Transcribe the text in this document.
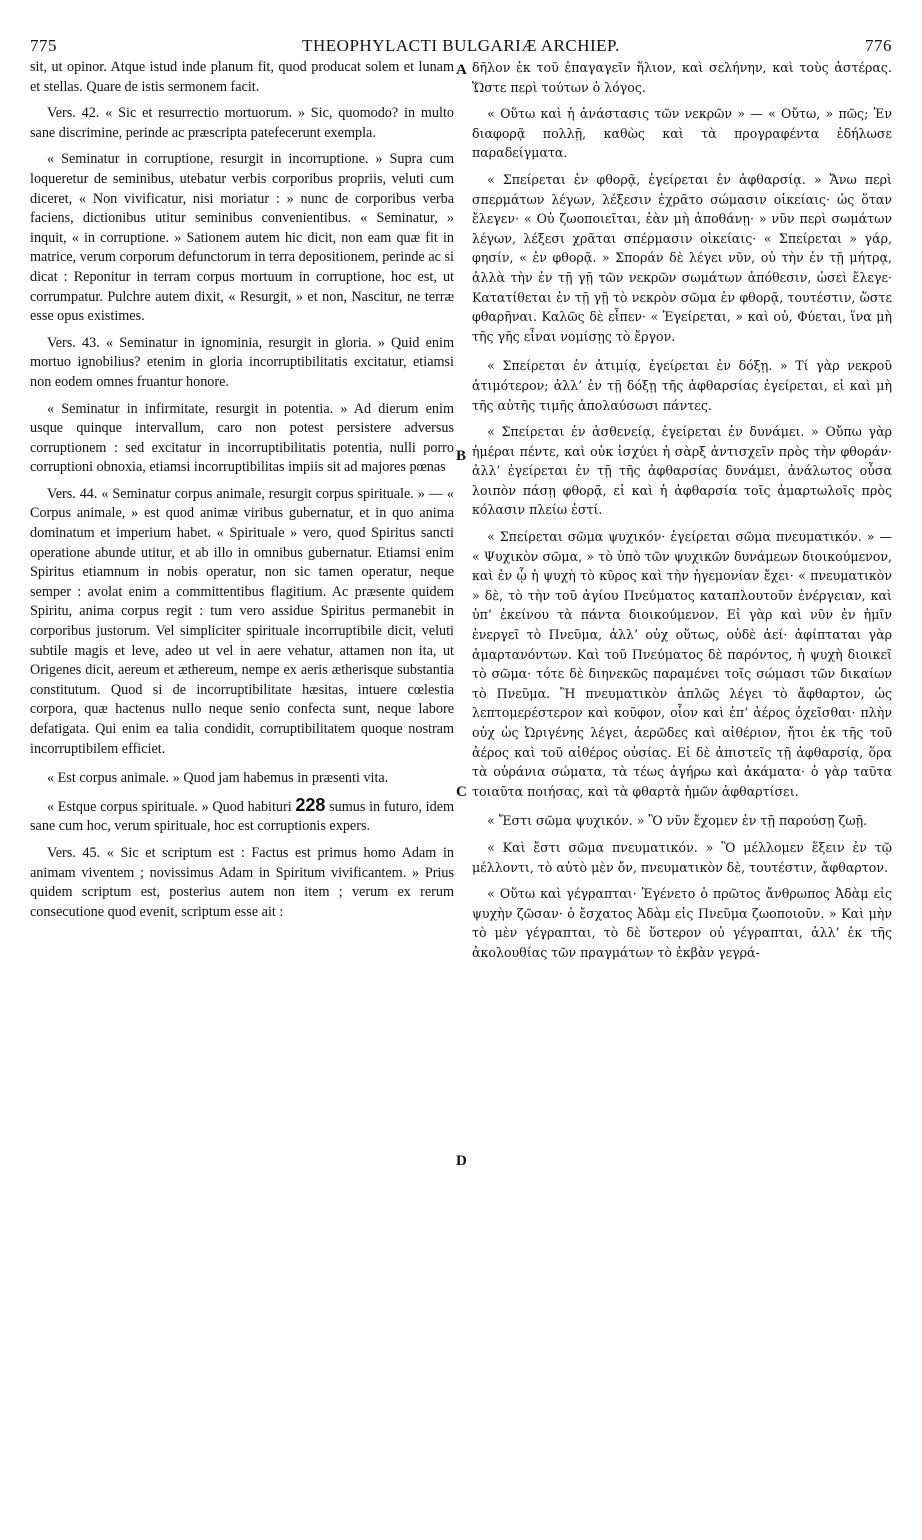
775	THEOPHYLACTI BULGARIÆ ARCHIEP.	776
A
B
C
D

sit, ut opinor. Atque istud inde planum fit, quod producat solem et lunam et stellas. Quare de istis sermonem facit.

Vers. 42. « Sic et resurrectio mortuorum. » Sic, quomodo? in multo sane discrimine, perinde ac præscripta patefecerunt exempla.

« Seminatur in corruptione, resurgit in incorruptione. » Supra cum loqueretur de seminibus, utebatur verbis corporibus propriis, veluti cum diceret, « Non vivificatur, nisi moriatur : » nunc de corporibus verba faciens, dictionibus utitur seminibus convenientibus. « Seminatur, » inquit, « in corruptione. » Sationem autem hic dicit, non eam quæ fit in matrice, verum corporum defunctorum in terra depositionem, perinde ac si dicat : Reponitur in terram corpus mortuum in corruptione, hoc est, ut corrumpatur. Pulchre autem dixit, « Resurgit, » et non, Nascitur, ne terræ esse opus existimes.

Vers. 43. « Seminatur in ignominia, resurgit in gloria. » Quid enim mortuo ignobilius? etenim in gloria incorruptibilitatis excitatur, etiamsi non eodem omnes fruantur honore.

« Seminatur in infirmitate, resurgit in potentia. » Ad dierum enim usque quinque intervallum, caro non potest persistere adversus corruptionem : sed excitatur in incorruptibilitatis potentia, nulli porro corruptioni obnoxia, etiamsi incorruptibilitas impiis sit ad majores pœnas

Vers. 44. « Seminatur corpus animale, resurgit corpus spirituale. » — « Corpus animale, » est quod animæ viribus gubernatur, et in quo anima dominatum et imperium habet. « Spirituale » vero, quod Spiritus sancti operatione abunde utitur, et ab illo in omnibus gubernatur. Etiamsi enim Spiritus etiamnum in nobis operatur, non sic tamen operatur, neque semper : avolat enim a committentibus flagitium. Ac præsente quidem Spiritu, anima corpus regit : tum vero assidue Spiritus permanebit in corporibus justorum. Vel simpliciter spirituale incorruptibile dicit, veluti subtile magis et leve, adeo ut vel in aere vehatur, attamen non ita, ut Origenes dicit, aereum et æthereum, nempe ex aeris ætherisque substantia constitutum. Quod si de incorruptibilitate hæsitas, intuere cœlestia corpora, quæ hactenus nullo neque senio confecta sunt, neque labore defatigata. Qui enim ea talia condidit, corruptibilitatem quoque nostram incorruptibilem efficiet.

« Est corpus animale. » Quod jam habemus in præsenti vita.

« Estque corpus spirituale. » Quod habituri 228 sumus in futuro, idem sane cum hoc, verum spirituale, hoc est corruptionis expers.

Vers. 45. « Sic et scriptum est : Factus est primus homo Adam in animam viventem ; novissimus Adam in Spiritum vivificantem. » Prius quidem scriptum est, posterius autem non item ; verum ex rerum consecutione quod evenit, scriptum esse ait :

δῆλον ἐκ τοῦ ἐπαγαγεῖν ἥλιον, καὶ σελήνην, καὶ τοὺς ἀστέρας. Ὥστε περὶ τούτων ὁ λόγος.

« Οὕτω καὶ ἡ ἀνάστασις τῶν νεκρῶν » — « Οὕτω, » πῶς; Ἐν διαφορᾷ πολλῇ, καθὼς καὶ τὰ προγραφέντα ἐδήλωσε παραδείγματα.

« Σπείρεται ἐν φθορᾷ, ἐγείρεται ἐν ἀφθαρσίᾳ. » Ἄνω περὶ σπερμάτων λέγων, λέξεσιν ἐχρᾶτο σώμασιν οἰκείαις· ὡς ὅταν ἔλεγεν· « Οὐ ζωοποιεῖται, ἐὰν μὴ ἀποθάνῃ· » νῦν περὶ σωμάτων λέγων, λέξεσι χρᾶται σπέρμασιν οἰκείαις· « Σπείρεται » γάρ, φησίν, « ἐν φθορᾷ. » Σποράν δὲ λέγει νῦν, οὐ τὴν ἐν τῇ μήτρᾳ, ἀλλὰ τὴν ἐν τῇ γῇ τῶν νεκρῶν σωμάτων ἀπόθεσιν, ὡσεὶ ἔλεγε· Κατατίθεται ἐν τῇ γῇ τὸ νεκρὸν σῶμα ἐν φθορᾷ, τουτέστιν, ὥστε φθαρῆναι. Καλῶς δὲ εἶπεν· « Ἐγείρεται, » καὶ οὐ, Φύεται, ἵνα μὴ τῆς γῆς εἶναι νομίσῃς τὸ ἔργον.

« Σπείρεται ἐν ἀτιμίᾳ, ἐγείρεται ἐν δόξῃ. » Τί γὰρ νεκροῦ ἀτιμότερον; ἀλλ’ ἐν τῇ δόξῃ τῆς ἀφθαρσίας ἐγείρεται, εἰ καὶ μὴ τῆς αὐτῆς τιμῆς ἀπολαύσωσι πάντες.

« Σπείρεται ἐν ἀσθενείᾳ, ἐγείρεται ἐν δυνάμει. » Οὔπω γὰρ ἡμέραι πέντε, καὶ οὐκ ἰσχύει ἡ σὰρξ ἀντισχεῖν πρὸς τὴν φθοράν· ἀλλ’ ἐγείρεται ἐν τῇ τῆς ἀφθαρσίας δυνάμει, ἀνάλωτος οὖσα λοιπὸν πάσῃ φθορᾷ, εἰ καὶ ἡ ἀφθαρσία τοῖς ἁμαρτωλοῖς πρὸς κόλασιν πλείω ἐστί.

« Σπείρεται σῶμα ψυχικόν· ἐγείρεται σῶμα πνευματικόν. » — « Ψυχικὸν σῶμα, » τὸ ὑπὸ τῶν ψυχικῶν δυνάμεων διοικούμενον, καὶ ἐν ᾧ ἡ ψυχὴ τὸ κῦρος καὶ τὴν ἡγεμονίαν ἔχει· « πνευματικὸν » δὲ, τὸ τὴν τοῦ ἁγίου Πνεύματος καταπλουτοῦν ἐνέργειαν, καὶ ὑπ’ ἐκείνου τὰ πάντα διοικούμενον. Εἰ γὰρ καὶ νῦν ἐν ἡμῖν ἐνεργεῖ τὸ Πνεῦμα, ἀλλ’ οὐχ οὕτως, οὐδὲ ἀεί· ἀφίπταται γὰρ ἁμαρτανόντων. Καὶ τοῦ Πνεύματος δὲ παρόντος, ἡ ψυχὴ διοικεῖ τὸ σῶμα· τότε δὲ διηνεκῶς παραμένει τοῖς σώμασι τῶν δικαίων τὸ Πνεῦμα. Ἢ πνευματικὸν ἁπλῶς λέγει τὸ ἄφθαρτον, ὡς λεπτομερέστερον καὶ κοῦφον, οἷον καὶ ἐπ’ ἀέρος ὀχεῖσθαι· πλὴν οὐχ ὡς Ὠριγένης λέγει, ἀερῶδες καὶ αἰθέριον, ἤτοι ἐκ τῆς τοῦ ἀέρος καὶ τοῦ αἰθέρος οὐσίας. Εἰ δὲ ἀπιστεῖς τῇ ἀφθαρσίᾳ, ὅρα τὰ οὐράνια σώματα, τὰ τέως ἀγήρω καὶ ἀκάματα· ὁ γὰρ ταῦτα τοιαῦτα ποιήσας, καὶ τὰ φθαρτὰ ἡμῶν ἀφθαρτίσει.

« Ἔστι σῶμα ψυχικόν. » Ὃ νῦν ἔχομεν ἐν τῇ παρούσῃ ζωῇ.

« Καὶ ἔστι σῶμα πνευματικόν. » Ὃ μέλλομεν ἕξειν ἐν τῷ μέλλοντι, τὸ αὐτὸ μὲν ὄν, πνευματικὸν δὲ, τουτέστιν, ἄφθαρτον.

« Οὕτω καὶ γέγραπται· Ἐγένετο ὁ πρῶτος ἄνθρωπος Ἀδὰμ εἰς ψυχὴν ζῶσαν· ὁ ἔσχατος Ἀδὰμ εἰς Πνεῦμα ζωοποιοῦν. » Καὶ μὴν τὸ μὲν γέγραπται, τὸ δὲ ὕστερον οὐ γέγραπται, ἀλλ’ ἐκ τῆς ἀκολουθίας τῶν πραγμάτων τὸ ἐκβὰν γεγρά-
